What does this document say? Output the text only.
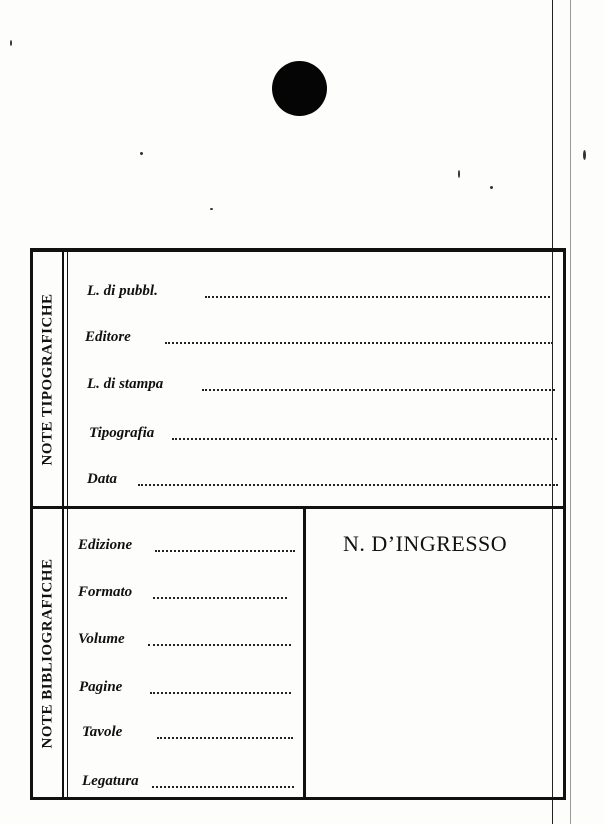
NOTE TIPOGRAFICHE
NOTE BIBLIOGRAFICHE
L. di pubbl.
Editore
L. di stampa
Tipografia
Data
Edizione
Formato
Volume
Pagine
Tavole
Legatura
N. D’INGRESSO
